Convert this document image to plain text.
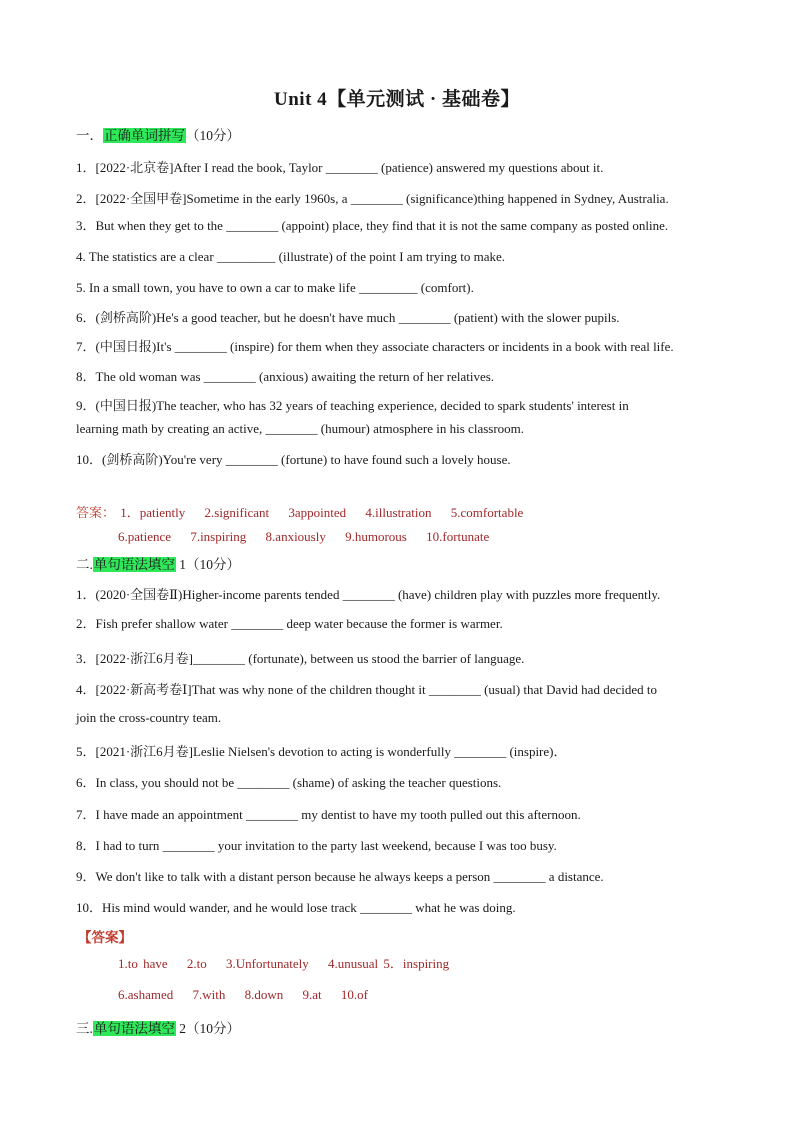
Unit 4【单元测试 · 基础卷】
一．正确单词拼写（10分）
1．[2022·北京卷]After I read the book, Taylor ________ (patience) answered my questions about it.
2．[2022·全国甲卷]Sometime in the early 1960s, a ________ (significance)thing happened in Sydney, Australia.
3．But when they get to the ________ (appoint) place, they find that it is not the same company as posted online.
4. The statistics are a clear _________ (illustrate) of the point I am trying to make.
5. In a small town, you have to own a car to make life _________ (comfort).
6．(剑桥高阶)He's a good teacher, but he doesn't have much ________ (patient) with the slower pupils.
7．(中国日报)It's ________ (inspire) for them when they associate characters or incidents in a book with real life.
8．The old woman was ________ (anxious) awaiting the return of her relatives.
9．(中国日报)The teacher, who has 32 years of teaching experience, decided to spark students' interest in
learning math by creating an active, ________ (humour) atmosphere in his classroom.
10．(剑桥高阶)You're very ________ (fortune) to have found such a lovely house.
答案： 1．patiently 2.significant 3appointed 4.illustration 5.comfortable
6.patience 7.inspiring 8.anxiously 9.humorous 10.fortunate
二.单句语法填空 1（10分）
1．(2020·全国卷Ⅱ)Higher-income parents tended ________ (have) children play with puzzles more frequently.
2．Fish prefer shallow water ________ deep water because the former is warmer.
3．[2022·浙江6月卷]________ (fortunate), between us stood the barrier of language.
4．[2022·新高考卷Ⅰ]That was why none of the children thought it ________ (usual) that David had decided to
join the cross-country team.
5．[2021·浙江6月卷]Leslie Nielsen's devotion to acting is wonderfully ________ (inspire)．
6．In class, you should not be ________ (shame) of asking the teacher questions.
7．I have made an appointment ________ my dentist to have my tooth pulled out this afternoon.
8．I had to turn ________ your invitation to the party last weekend, because I was too busy.
9．We don't like to talk with a distant person because he always keeps a person ________ a distance.
10．His mind would wander, and he would lose track ________ what he was doing.
【答案】
1.to have 2.to 3.Unfortunately 4.unusual 5．inspiring
6.ashamed 7.with 8.down 9.at 10.of
三.单句语法填空 2（10分）
